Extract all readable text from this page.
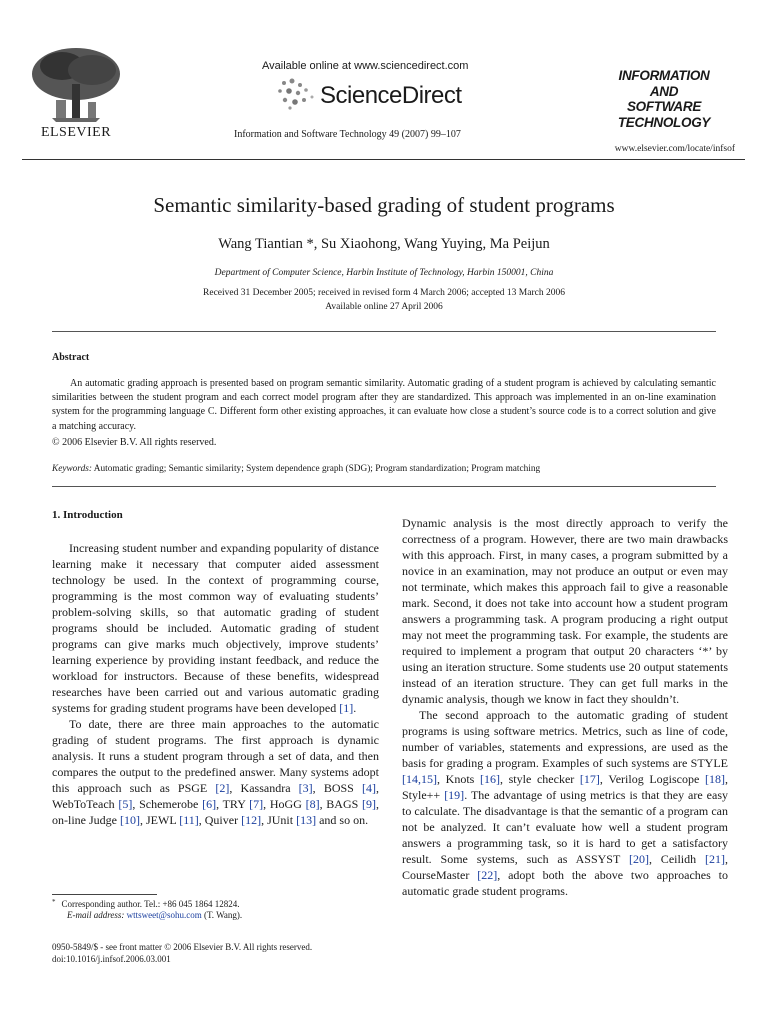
ELSEVIER
Available online at www.sciencedirect.com
ScienceDirect
Information and Software Technology 49 (2007) 99–107
INFORMATION
AND
SOFTWARE
TECHNOLOGY
www.elsevier.com/locate/infsof
Semantic similarity-based grading of student programs
Wang Tiantian *, Su Xiaohong, Wang Yuying, Ma Peijun
Department of Computer Science, Harbin Institute of Technology, Harbin 150001, China
Received 31 December 2005; received in revised form 4 March 2006; accepted 13 March 2006
Available online 27 April 2006
Abstract

An automatic grading approach is presented based on program semantic similarity. Automatic grading of a student program is achieved by calculating semantic similarities between the student program and each correct model program after they are standardized. This approach was implemented in an on-line examination system for the programming language C. Different form other existing approaches, it can evaluate how close a student’s source code is to a correct solution and give a matching accuracy.

© 2006 Elsevier B.V. All rights reserved.
Keywords: Automatic grading; Semantic similarity; System dependence graph (SDG); Program standardization; Program matching
1. Introduction

Increasing student number and expanding popularity of distance learning make it necessary that computer aided assessment technology be used. In the context of programming course, programming is the most common way of evaluating students’ problem-solving skills, so that automatic grading of student programs should be included. Automatic grading of student programs can give marks much objectively, improve students’ learning experience by providing instant feedback, and reduce the workload for instructors. Because of these benefits, widespread researches have been carried out and various automatic grading systems for grading student programs have been developed [1].

To date, there are three main approaches to the automatic grading of student programs. The first approach is dynamic analysis. It runs a student program through a set of data, and then compares the output to the predefined answer. Many systems adopt this approach such as PSGE [2], Kassandra [3], BOSS [4], WebToTeach [5], Schemerobe [6], TRY [7], HoGG [8], BAGS [9], on-line Judge [10], JEWL [11], Quiver [12], JUnit [13] and so on.

Dynamic analysis is the most directly approach to verify the correctness of a program. However, there are two main drawbacks with this approach. First, in many cases, a program submitted by a novice in an examination, may not produce an output or even may not terminate, which makes this approach fail to give a reasonable mark. Second, it does not take into account how a student program answers a programming task. A program producing a right output may not meet the programming task. For example, the students are required to implement a program that output 20 characters ‘*’ by using an iteration structure. Some students use 20 output statements instead of an iteration structure. They can get full marks in the dynamic analysis, though we know in fact they shouldn’t.

The second approach to the automatic grading of student programs is using software metrics. Metrics, such as line of code, number of variables, statements and expressions, are used as the basis for grading a program. Examples of such systems are STYLE [14,15], Knots [16], style checker [17], Verilog Logiscope [18], Style++ [19]. The advantage of using metrics is that they are easy to calculate. The disadvantage is that the semantic of a program can not be analyzed. It can’t evaluate how well a student program answers a programming task, so it is hard to get a satisfactory result. Some systems, such as ASSYST [20], Ceilidh [21], CourseMaster [22], adopt both the above two approaches to automatic grade student programs.

* Corresponding author. Tel.: +86 045 1864 12824.
E-mail address: wttsweet@sohu.com (T. Wang).
0950-5849/$ - see front matter © 2006 Elsevier B.V. All rights reserved.
doi:10.1016/j.infsof.2006.03.001
